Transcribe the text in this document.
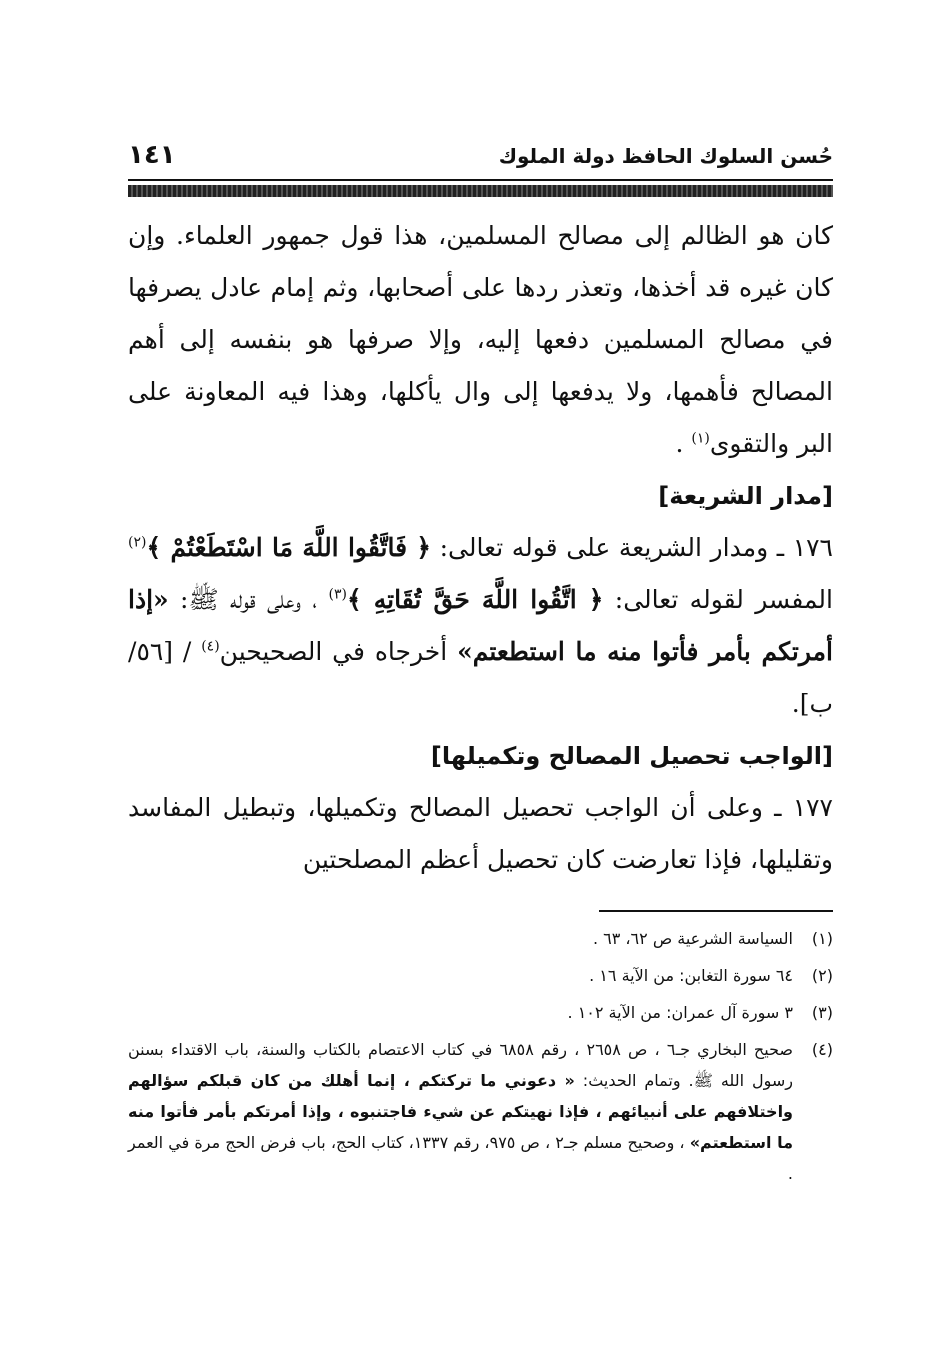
حُسن السلوك الحافظ دولة الملوك
١٤١

كان هو الظالم إلى مصالح المسلمين، هذا قول جمهور العلماء. وإن كان غيره قد أخذها، وتعذر ردها على أصحابها، وثم إمام عادل يصرفها في مصالح المسلمين دفعها إليه، وإلا صرفها هو بنفسه إلى أهم المصالح فأهمها، ولا يدفعها إلى وال يأكلها، وهذا فيه المعاونة على البر والتقوى$^{(١)}$ .

[مدار الشريعة]

١٧٦ ـ ومدار الشريعة على قوله تعالى: ﴿ فَاتَّقُوا اللَّهَ مَا اسْتَطَعْتُمْ ﴾$^{(٢)}$ المفسر لقوله تعالى: ﴿ اتَّقُوا اللَّهَ حَقَّ تُقَاتِهِ ﴾$^{(٣)}$ ، وعلى قوله ﷺ: «إذا أمرتكم بأمر فأتوا منه ما استطعتم» أخرجاه في الصحيحين$^{(٤)}$ / [٥٦/ ب].

[الواجب تحصيل المصالح وتكميلها]

١٧٧ ـ وعلى أن الواجب تحصيل المصالح وتكميلها، وتبطيل المفاسد وتقليلها، فإذا تعارضت كان تحصيل أعظم المصلحتين

(١)
السياسة الشرعية ص ٦٢، ٦٣ .
(٢)
٦٤ سورة التغابن: من الآية ١٦ .
(٣)
٣ سورة آل عمران: من الآية ١٠٢ .
(٤)
صحيح البخاري جـ٦ ، ص ٢٦٥٨ ، رقم ٦٨٥٨ في كتاب الاعتصام بالكتاب والسنة، باب الاقتداء بسنن رسول الله ﷺ. وتمام الحديث: « دعوني ما تركتكم ، إنما أهلك من كان قبلكم سؤالهم واختلافهم على أنبيائهم ، فإذا نهيتكم عن شيء فاجتنبوه ، وإذا أمرتكم بأمر فأتوا منه ما استطعتم» ، وصحيح مسلم جـ٢ ، ص ٩٧٥، رقم ١٣٣٧، كتاب الحج، باب فرض الحج مرة في العمر .
